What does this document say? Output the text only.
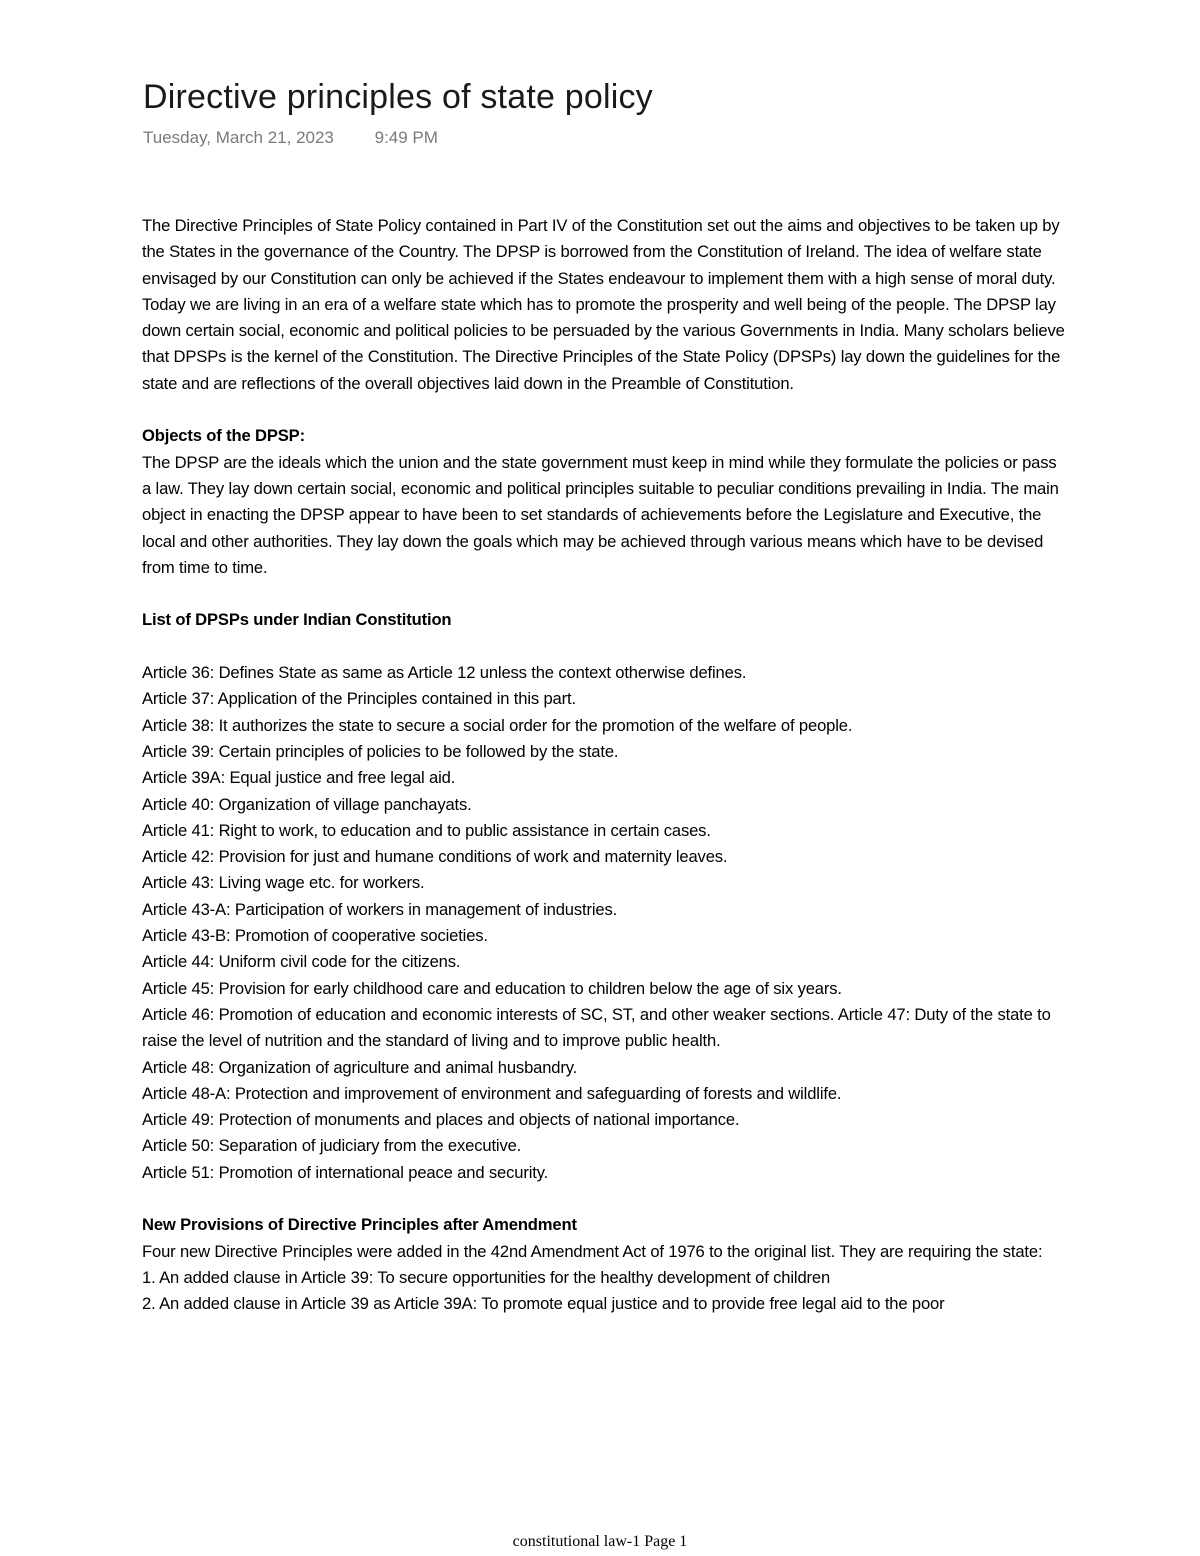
Directive principles of state policy
Tuesday, March 21, 2023 9:49 PM

The Directive Principles of State Policy contained in Part IV of the Constitution set out the aims and objectives to be taken up by the States in the governance of the Country. The DPSP is borrowed from the Constitution of Ireland. The idea of welfare state envisaged by our Constitution can only be achieved if the States endeavour to implement them with a high sense of moral duty. Today we are living in an era of a welfare state which has to promote the prosperity and well being of the people. The DPSP lay down certain social, economic and political policies to be persuaded by the various Governments in India. Many scholars believe that DPSPs is the kernel of the Constitution. The Directive Principles of the State Policy (DPSPs) lay down the guidelines for the state and are reflections of the overall objectives laid down in the Preamble of Constitution.

Objects of the DPSP:

The DPSP are the ideals which the union and the state government must keep in mind while they formulate the policies or pass a law. They lay down certain social, economic and political principles suitable to peculiar conditions prevailing in India. The main object in enacting the DPSP appear to have been to set standards of achievements before the Legislature and Executive, the local and other authorities. They lay down the goals which may be achieved through various means which have to be devised from time to time.

List of DPSPs under Indian Constitution

Article 36: Defines State as same as Article 12 unless the context otherwise defines.

Article 37: Application of the Principles contained in this part.

Article 38: It authorizes the state to secure a social order for the promotion of the welfare of people.

Article 39: Certain principles of policies to be followed by the state.

Article 39A: Equal justice and free legal aid.

Article 40: Organization of village panchayats.

Article 41: Right to work, to education and to public assistance in certain cases.

Article 42: Provision for just and humane conditions of work and maternity leaves.

Article 43: Living wage etc. for workers.

Article 43-A: Participation of workers in management of industries.

Article 43-B: Promotion of cooperative societies.

Article 44: Uniform civil code for the citizens.

Article 45: Provision for early childhood care and education to children below the age of six years.

Article 46: Promotion of education and economic interests of SC, ST, and other weaker sections. Article 47: Duty of the state to raise the level of nutrition and the standard of living and to improve public health.

Article 48: Organization of agriculture and animal husbandry.

Article 48-A: Protection and improvement of environment and safeguarding of forests and wildlife.

Article 49: Protection of monuments and places and objects of national importance.

Article 50: Separation of judiciary from the executive.

Article 51: Promotion of international peace and security.

New Provisions of Directive Principles after Amendment

Four new Directive Principles were added in the 42nd Amendment Act of 1976 to the original list. They are requiring the state:

1. An added clause in Article 39: To secure opportunities for the healthy development of children

2. An added clause in Article 39 as Article 39A: To promote equal justice and to provide free legal aid to the poor

constitutional law-1 Page 1
